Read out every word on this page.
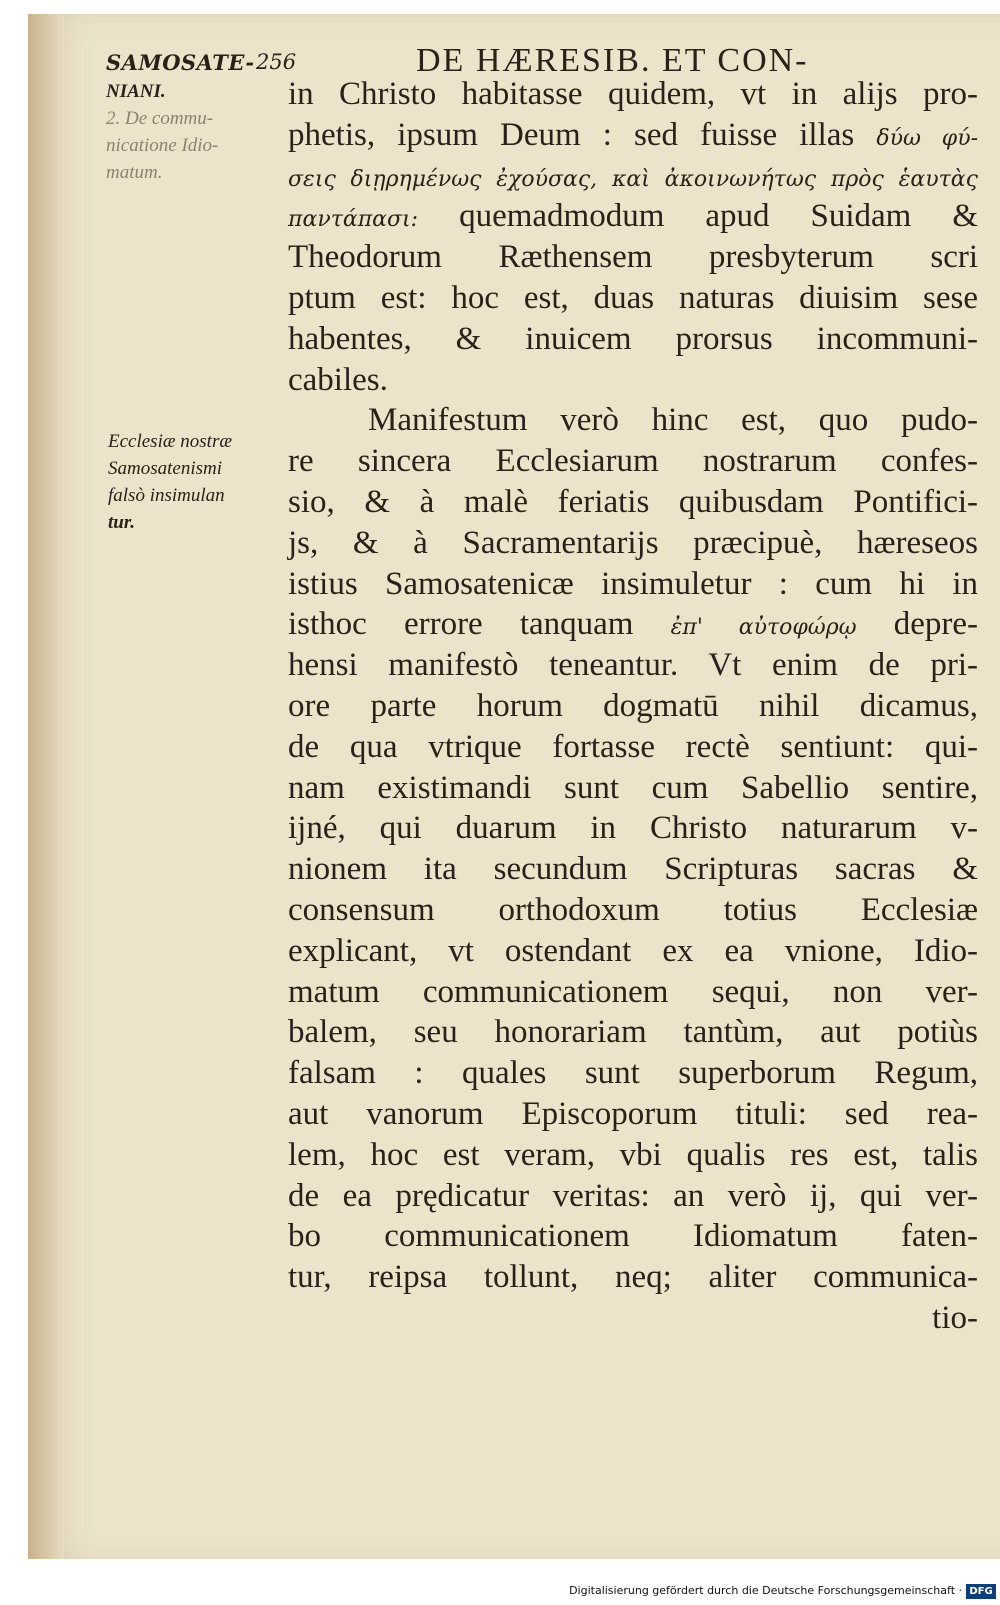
SAMOSATE- 256	DE HÆRESIB. ET CON-
NIANI.
2. De commu-
nicatione Idio-
matum.
Ecclesiæ nostræ
Samosatenismi
falsò insimulan
tur.
in Christo habitasse quidem, vt in alijs pro-
phetis, ipsum Deum : sed fuisse illas δύω φύ-
σεις διῃρημένως ἐχούσας, καὶ ἀκοινωνήτως πρὸς ἑαυτὰς
παντάπασι: quemadmodum apud Suidam &
Theodorum Ræthensem presbyterum scri
ptum est: hoc est, duas naturas diuisim sese
habentes, & inuicem prorsus incommuni-
cabiles.
Manifestum verò hinc est, quo pudo-
re sincera Ecclesiarum nostrarum confes-
sio, & à malè feriatis quibusdam Pontifici-
js, & à Sacramentarijs præcipuè, hæreseos
istius Samosatenicæ insimuletur : cum hi in
isthoc errore tanquam ἐπ' αὐτοφώρῳ depre-
hensi manifestò teneantur. Vt enim de pri-
ore parte horum dogmatū nihil dicamus,
de qua vtrique fortasse rectè sentiunt: qui-
nam existimandi sunt cum Sabellio sentire,
ijné, qui duarum in Christo naturarum v-
nionem ita secundum Scripturas sacras &
consensum orthodoxum totius Ecclesiæ
explicant, vt ostendant ex ea vnione, Idio-
matum communicationem sequi, non ver-
balem, seu honorariam tantùm, aut potiùs
falsam : quales sunt superborum Regum,
aut vanorum Episcoporum tituli: sed rea-
lem, hoc est veram, vbi qualis res est, talis
de ea prędicatur veritas: an verò ij, qui ver-
bo communicationem Idiomatum faten-
tur, reipsa tollunt, neq; aliter communica-
tio-
Digitalisierung gefördert durch die Deutsche Forschungsgemeinschaft · DFG
